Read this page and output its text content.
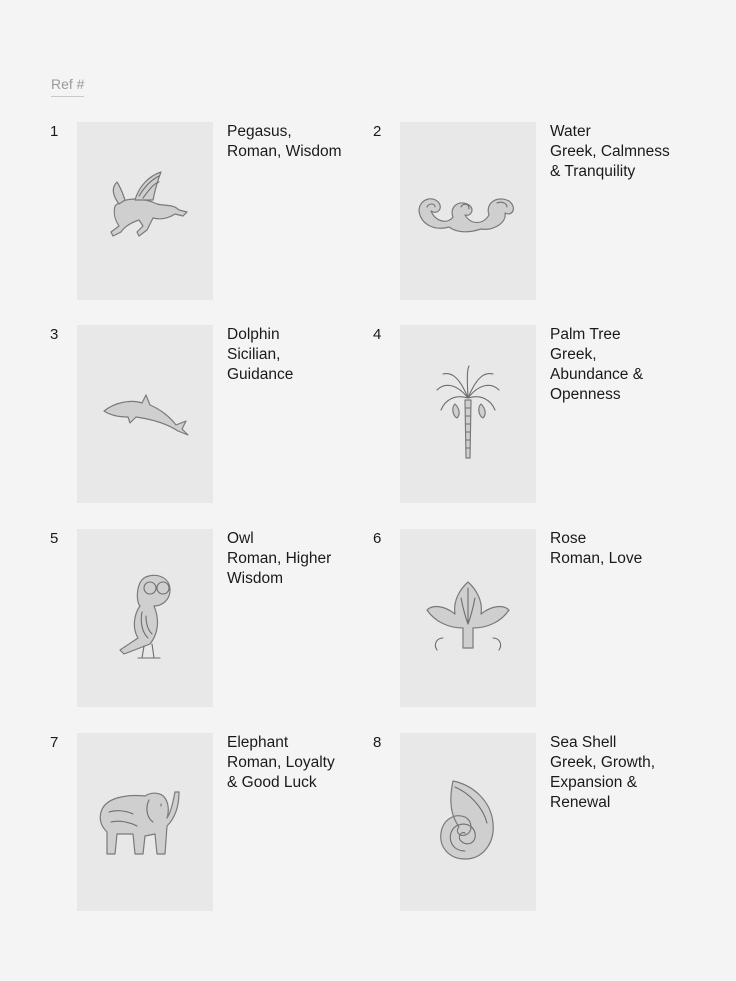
Ref #
1	Pegasus,
Roman, Wisdom
2	Water
Greek, Calmness
& Tranquility
3	Dolphin
Sicilian,
Guidance
4	Palm Tree
Greek,
Abundance &
Openness
5	Owl
Roman, Higher
Wisdom
6	Rose
Roman, Love
7	Elephant
Roman, Loyalty
& Good Luck
8	Sea Shell
Greek, Growth,
Expansion &
Renewal
